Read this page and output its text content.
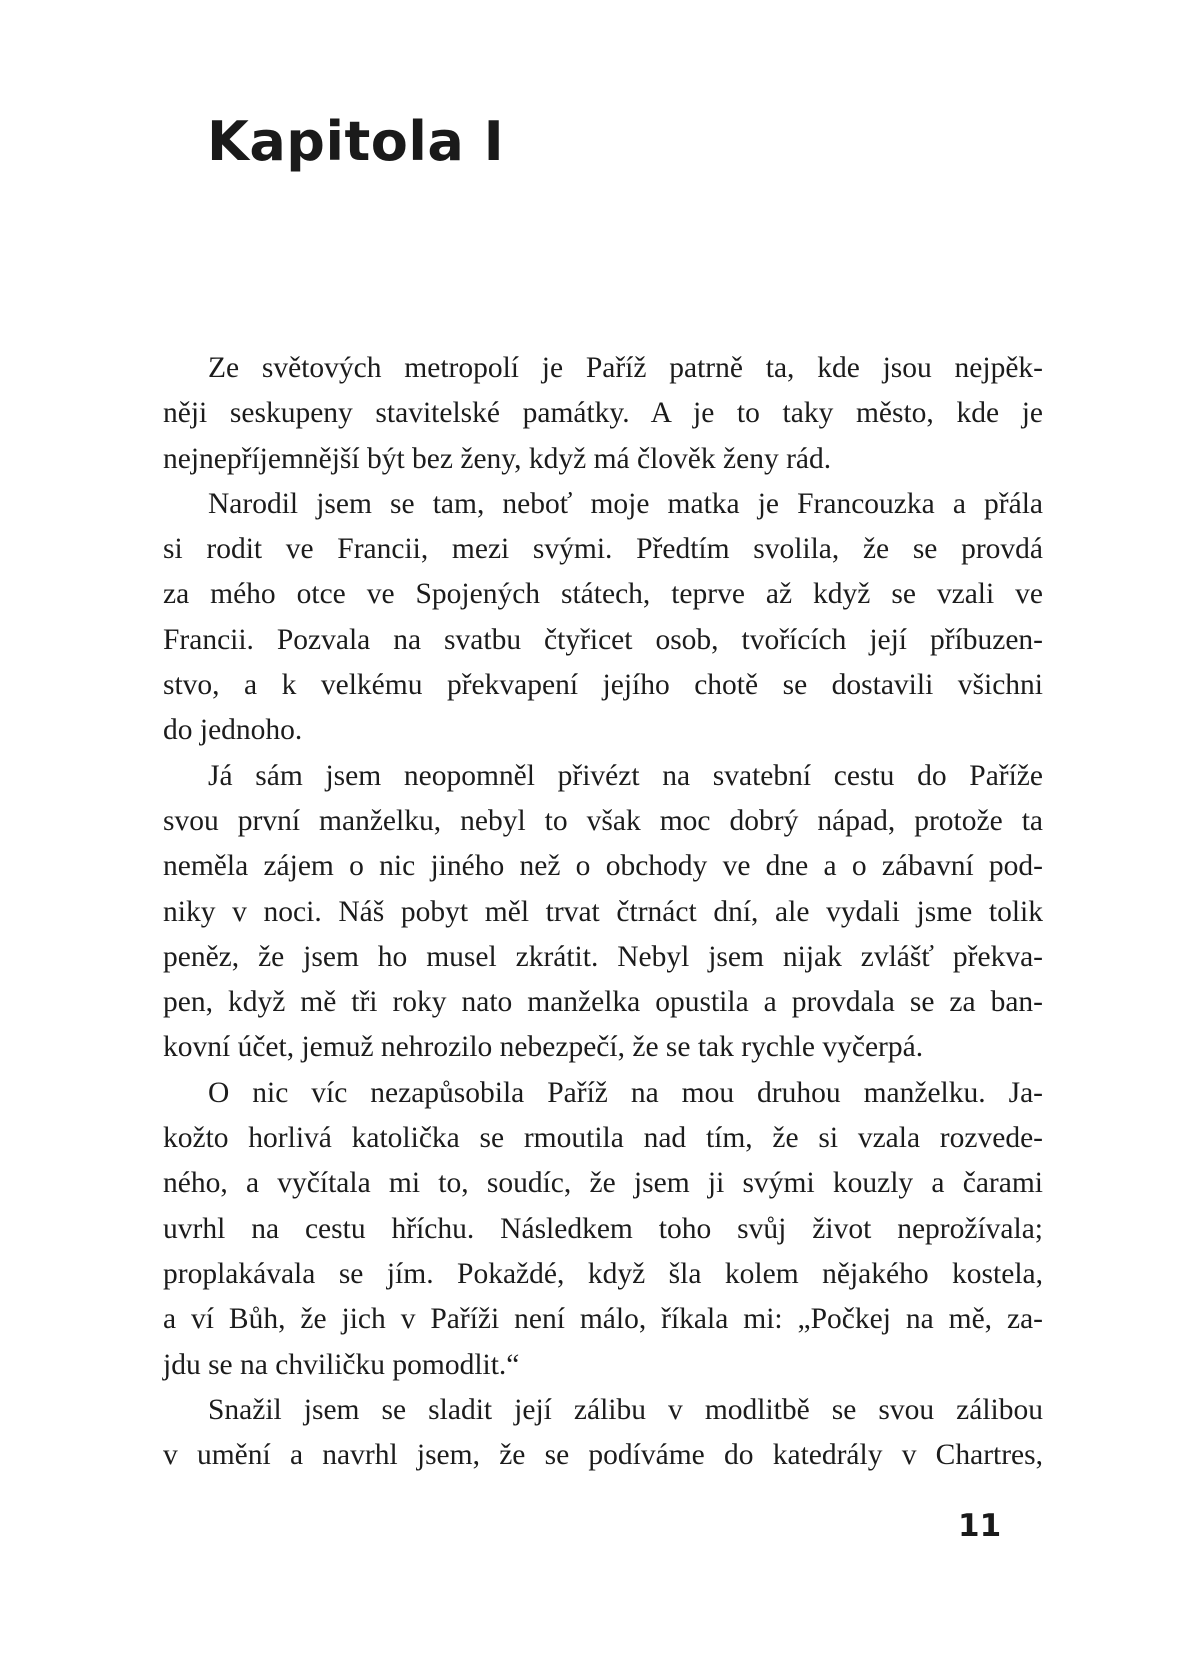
Kapitola I
Ze světových metropolí je Paříž patrně ta, kde jsou nejpěk-
něji seskupeny stavitelské památky. A je to taky město, kde je
nejnepříjemnější být bez ženy, když má člověk ženy rád.
Narodil jsem se tam, neboť moje matka je Francouzka a přála
si rodit ve Francii, mezi svými. Předtím svolila, že se provdá
za mého otce ve Spojených státech, teprve až když se vzali ve
Francii. Pozvala na svatbu čtyřicet osob, tvořících její příbuzen-
stvo, a k velkému překvapení jejího chotě se dostavili všichni
do jednoho.
Já sám jsem neopomněl přivézt na svatební cestu do Paříže
svou první manželku, nebyl to však moc dobrý nápad, protože ta
neměla zájem o nic jiného než o obchody ve dne a o zábavní pod-
niky v noci. Náš pobyt měl trvat čtrnáct dní, ale vydali jsme tolik
peněz, že jsem ho musel zkrátit. Nebyl jsem nijak zvlášť překva-
pen, když mě tři roky nato manželka opustila a provdala se za ban-
kovní účet, jemuž nehrozilo nebezpečí, že se tak rychle vyčerpá.
O nic víc nezapůsobila Paříž na mou druhou manželku. Ja-
kožto horlivá katolička se rmoutila nad tím, že si vzala rozvede-
ného, a vyčítala mi to, soudíc, že jsem ji svými kouzly a čarami
uvrhl na cestu hříchu. Následkem toho svůj život neprožívala;
proplakávala se jím. Pokaždé, když šla kolem nějakého kostela,
a ví Bůh, že jich v Paříži není málo, říkala mi: „Počkej na mě, za-
jdu se na chviličku pomodlit.“
Snažil jsem se sladit její zálibu v modlitbě se svou zálibou
v umění a navrhl jsem, že se podíváme do katedrály v Chartres,
11
